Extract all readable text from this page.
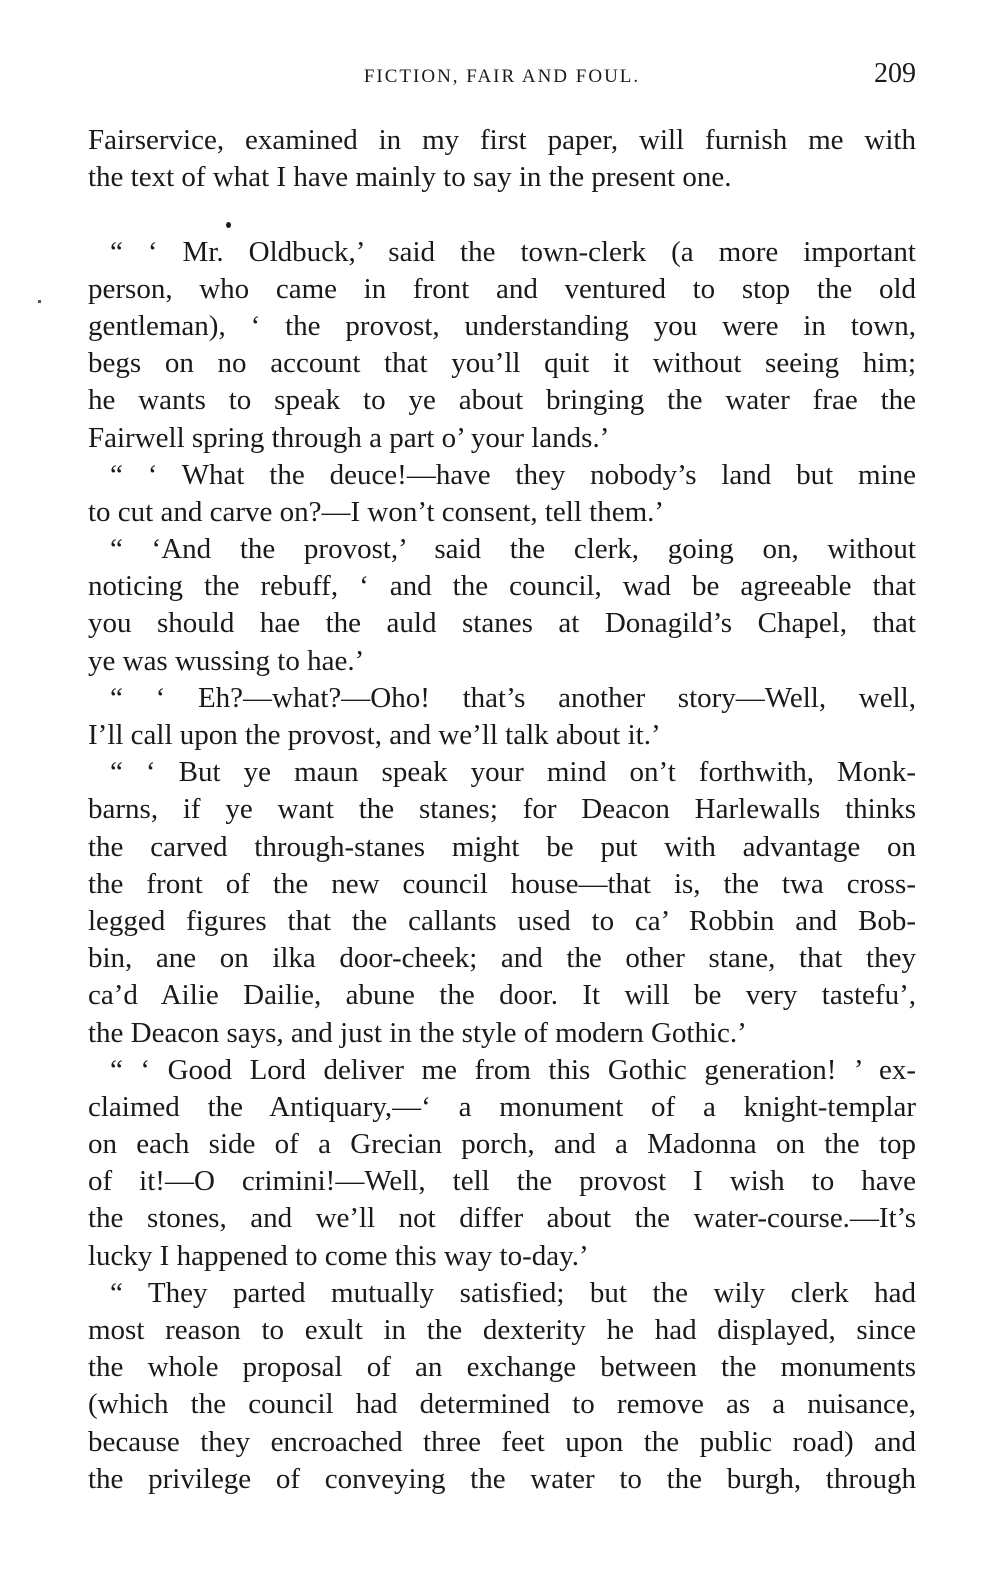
FICTION, FAIR AND FOUL.	209
Fairservice, examined in my first paper, will furnish me with
the text of what I have mainly to say in the present one.
“ ‘ Mr. Oldbuck,’ said the town-clerk (a more important
person, who came in front and ventured to stop the old
gentleman), ‘ the provost, understanding you were in town,
begs on no account that you’ll quit it without seeing him;
he wants to speak to ye about bringing the water frae the
Fairwell spring through a part o’ your lands.’
“ ‘ What the deuce!—have they nobody’s land but mine
to cut and carve on?—I won’t consent, tell them.’
“ ‘And the provost,’ said the clerk, going on, without
noticing the rebuff, ‘ and the council, wad be agreeable that
you should hae the auld stanes at Donagild’s Chapel, that
ye was wussing to hae.’
“ ‘ Eh?—what?—Oho! that’s another story—Well, well,
I’ll call upon the provost, and we’ll talk about it.’
“ ‘ But ye maun speak your mind on’t forthwith, Monk-
barns, if ye want the stanes; for Deacon Harlewalls thinks
the carved through-stanes might be put with advantage on
the front of the new council house—that is, the twa cross-
legged figures that the callants used to ca’ Robbin and Bob-
bin, ane on ilka door-cheek; and the other stane, that they
ca’d Ailie Dailie, abune the door. It will be very tastefu’,
the Deacon says, and just in the style of modern Gothic.’
“ ‘ Good Lord deliver me from this Gothic generation! ’ ex-
claimed the Antiquary,—‘ a monument of a knight-templar
on each side of a Grecian porch, and a Madonna on the top
of it!—O crimini!—Well, tell the provost I wish to have
the stones, and we’ll not differ about the water-course.—It’s
lucky I happened to come this way to-day.’
“ They parted mutually satisfied; but the wily clerk had
most reason to exult in the dexterity he had displayed, since
the whole proposal of an exchange between the monuments
(which the council had determined to remove as a nuisance,
because they encroached three feet upon the public road) and
the privilege of conveying the water to the burgh, through
